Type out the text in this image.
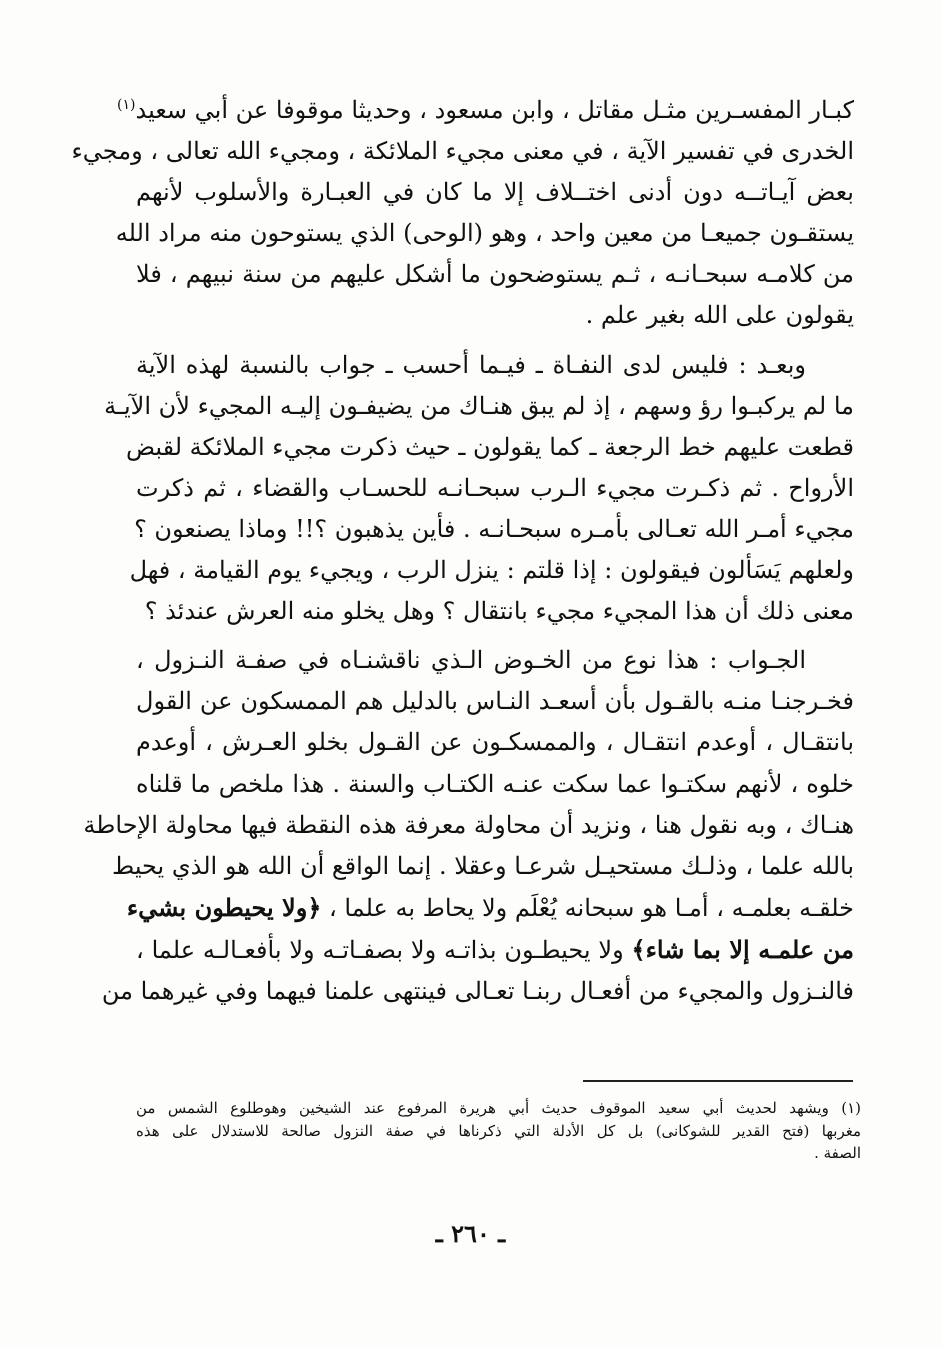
كبـار المفسـرين مثـل مقاتل ، وابن مسعود ، وحديثا موقوفا عن أبي سعيد$^{(١)}$
الخدرى في تفسير الآية ، في معنى مجيء الملائكة ، ومجيء الله تعالى ، ومجيء
بعض آيـاتــه دون أدنى اختــلاف إلا ما كان في العبـارة والأسلوب لأنهم
يستقـون جميعـا من معين واحد ، وهو (الوحى) الذي يستوحون منه مراد الله
من كلامـه سبحـانـه ، ثـم يستوضحون ما أشكل عليهم من سنة نبيهم ، فلا
يقولون على الله بغير علم .
وبعـد : فليس لدى النفـاة ـ فيـما أحسب ـ جواب بالنسبة لهذه الآية
ما لم يركبـوا رؤ وسهم ، إذ لم يبق هنـاك من يضيفـون إليـه المجيء لأن الآيـة
قطعت عليهم خط الرجعة ـ كما يقولون ـ حيث ذكرت مجيء الملائكة لقبض
الأرواح . ثم ذكـرت مجيء الـرب سبحـانـه للحسـاب والقضاء ، ثم ذكرت
مجيء أمـر الله تعـالى بأمـره سبحـانـه . فأين يذهبون ؟!! وماذا يصنعون ؟
ولعلهم يَسَألون فيقولون : إذا قلتم : ينزل الرب ، ويجيء يوم القيامة ، فهل
معنى ذلك أن هذا المجيء مجيء بانتقال ؟ وهل يخلو منه العرش عندئذ ؟
الجـواب : هذا نوع من الخـوض الـذي ناقشنـاه في صفـة النـزول ،
فخـرجنـا منـه بالقـول بأن أسعـد النـاس بالدليل هم الممسكون عن القول
بانتقـال ، أوعدم انتقـال ، والممسكـون عن القـول بخلو العـرش ، أوعدم
خلوه ، لأنهم سكتـوا عما سكت عنـه الكتـاب والسنة . هذا ملخص ما قلناه
هنـاك ، وبه نقول هنا ، ونزيد أن محاولة معرفة هذه النقطة فيها محاولة الإحاطة
بالله علما ، وذلـك مستحيـل شرعـا وعقلا . إنما الواقع أن الله هو الذي يحيط
خلقـه بعلمـه ، أمـا هو سبحانه يُعْلَم ولا يحاط به علما ، ﴿ولا يحيطون بشيء
من علمـه إلا بما شاء﴾ ولا يحيطـون بذاتـه ولا بصفـاتـه ولا بأفعـالـه علما ،
فالنـزول والمجيء من أفعـال ربنـا تعـالى فينتهى علمنا فيهما وفي غيرهما من
(١) ويشهد لحديث أبي سعيد الموقوف حديث أبي هريرة المرفوع عند الشيخين وهوطلوع الشمس من
مغربها (فتح القدير للشوكانى) بل كل الأدلة التي ذكرناها في صفة النزول صالحة للاستدلال على هذه
الصفة .
ـ ٢٦٠ ـ
